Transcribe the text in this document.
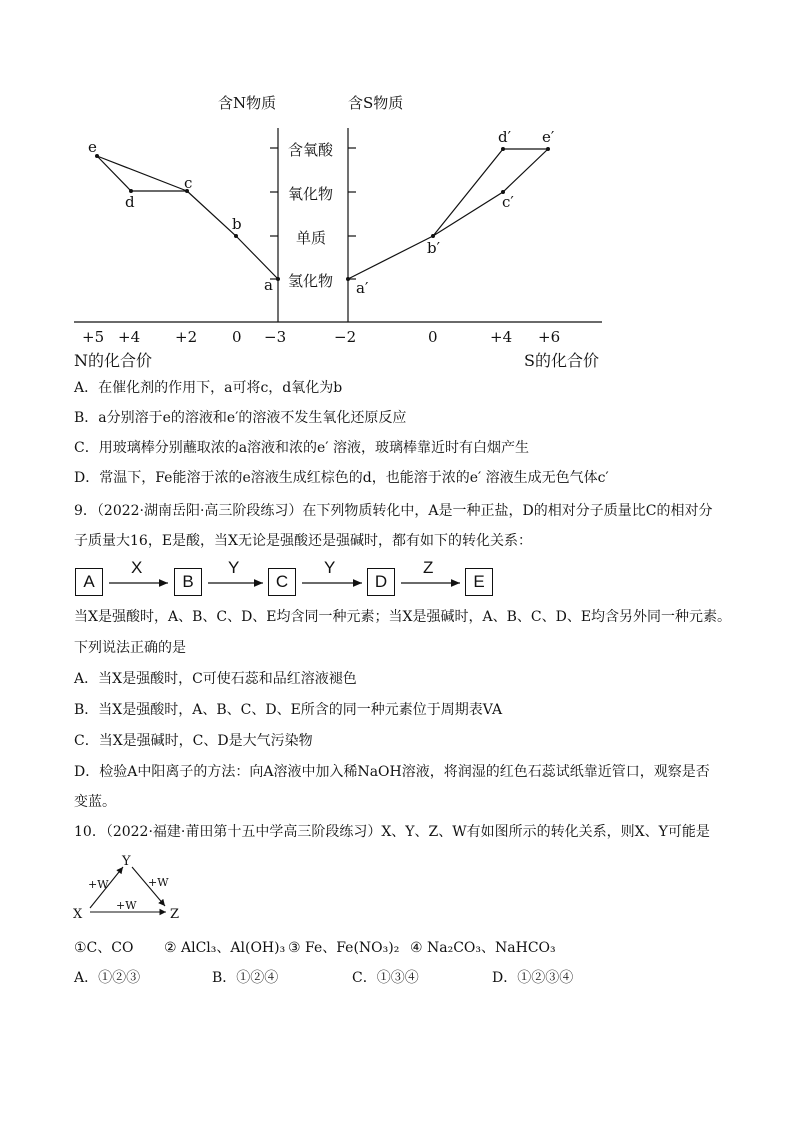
含N物质	含S物质
含氧酸
氧化物
单质
氢化物
e
d
c
b
a
d′ e′
c′
b′
a′
+5 +4 +2 0 −3	−2	0	+4 +6
N的化合价	S的化合价
A．在催化剂的作用下，a可将c，d氧化为b
B．a分别溶于e的溶液和e′的溶液不发生氧化还原反应
C．用玻璃棒分别蘸取浓的a溶液和浓的e′ 溶液，玻璃棒靠近时有白烟产生
D．常温下，Fe能溶于浓的e溶液生成红棕色的d，也能溶于浓的e′ 溶液生成无色气体c′
9．（2022·湖南岳阳·高三阶段练习）在下列物质转化中，A是一种正盐，D的相对分子质量比C的相对分
子质量大16，E是酸，当X无论是强酸还是强碱时，都有如下的转化关系：
A	B	C	D	E
X	Y	Y	Z
当X是强酸时，A、B、C、D、E均含同一种元素；当X是强碱时，A、B、C、D、E均含另外同一种元素。
下列说法正确的是
A．当X是强酸时，C可使石蕊和品红溶液褪色
B．当X是强酸时，A、B、C、D、E所含的同一种元素位于周期表VA
C．当X是强碱时，C、D是大气污染物
D．检验A中阳离子的方法：向A溶液中加入稀NaOH溶液，将润湿的红色石蕊试纸靠近管口，观察是否
变蓝。
10．（2022·福建·莆田第十五中学高三阶段练习）X、Y、Z、W有如图所示的转化关系，则X、Y可能是
Y
X	Z
+W	+W
+W
①C、CO ② AlCl₃、Al(OH)₃ ③ Fe、Fe(NO₃)₂ ④ Na₂CO₃、NaHCO₃
A．①②③	B．①②④	C．①③④	D．①②③④
